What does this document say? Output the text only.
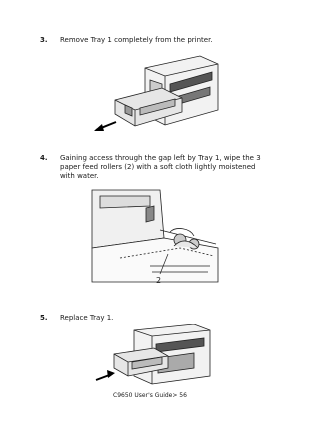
3. Remove Tray 1 completely from the printer.
4. Gaining access through the gap left by Tray 1, wipe the 3 paper feed rollers (2) with a soft cloth lightly moistened with water.
2
5. Replace Tray 1.
C9650 User's Guide> 56
